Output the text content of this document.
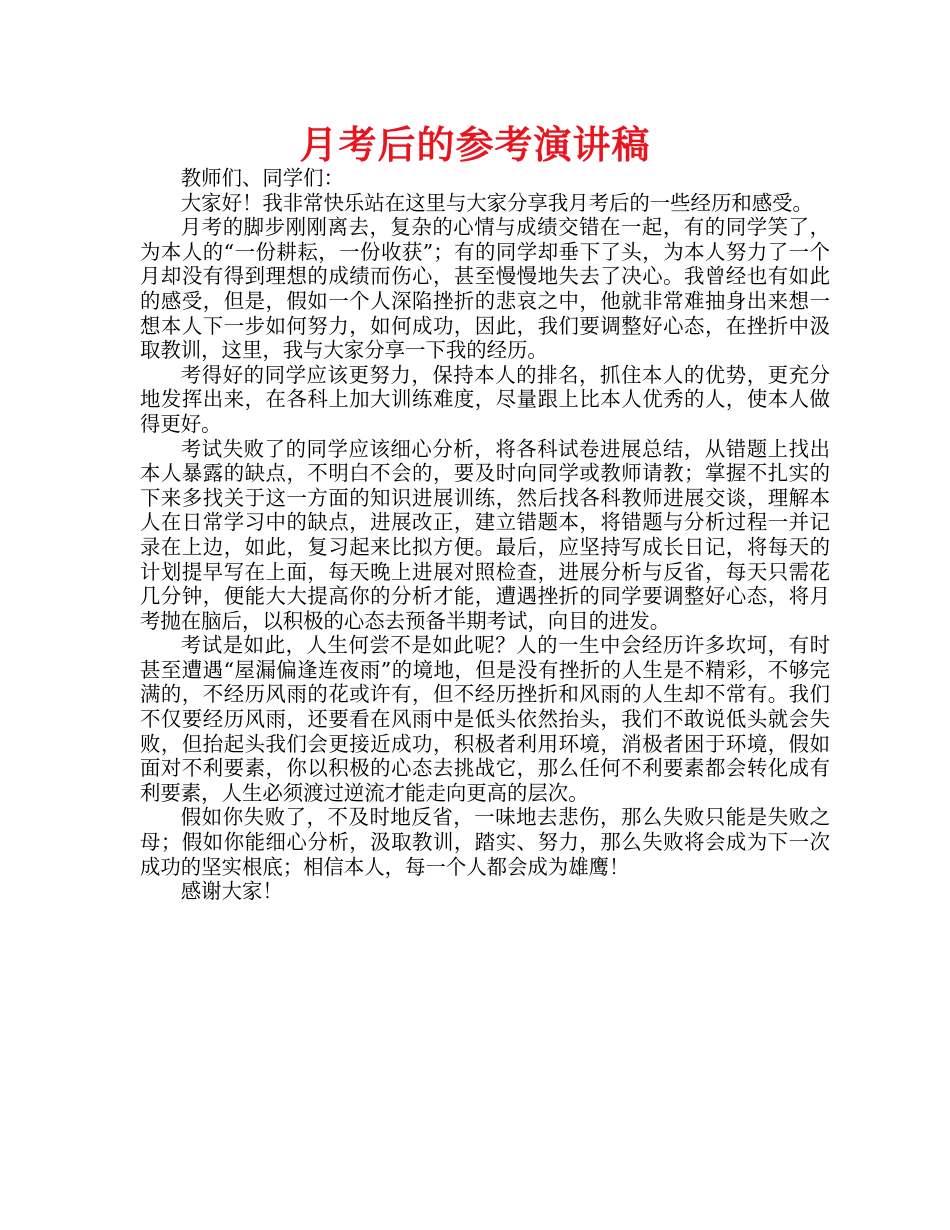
月考后的参考演讲稿

教师们、同学们：

大家好！我非常快乐站在这里与大家分享我月考后的一些经历和感受。

月考的脚步刚刚离去，复杂的心情与成绩交错在一起，有的同学笑了，为本人的“一份耕耘，一份收获”；有的同学却垂下了头，为本人努力了一个月却没有得到理想的成绩而伤心，甚至慢慢地失去了决心。我曾经也有如此的感受，但是，假如一个人深陷挫折的悲哀之中，他就非常难抽身出来想一想本人下一步如何努力，如何成功，因此，我们要调整好心态，在挫折中汲取教训，这里，我与大家分享一下我的经历。

考得好的同学应该更努力，保持本人的排名，抓住本人的优势，更充分地发挥出来，在各科上加大训练难度，尽量跟上比本人优秀的人，使本人做得更好。

考试失败了的同学应该细心分析，将各科试卷进展总结，从错题上找出本人暴露的缺点，不明白不会的，要及时向同学或教师请教；掌握不扎实的下来多找关于这一方面的知识进展训练，然后找各科教师进展交谈，理解本人在日常学习中的缺点，进展改正，建立错题本，将错题与分析过程一并记录在上边，如此，复习起来比拟方便。最后，应坚持写成长日记，将每天的计划提早写在上面，每天晚上进展对照检查，进展分析与反省，每天只需花几分钟，便能大大提高你的分析才能，遭遇挫折的同学要调整好心态，将月考抛在脑后，以积极的心态去预备半期考试，向目的进发。

考试是如此，人生何尝不是如此呢？人的一生中会经历许多坎坷，有时甚至遭遇“屋漏偏逢连夜雨”的境地，但是没有挫折的人生是不精彩，不够完满的，不经历风雨的花或许有，但不经历挫折和风雨的人生却不常有。我们不仅要经历风雨，还要看在风雨中是低头依然抬头，我们不敢说低头就会失败，但抬起头我们会更接近成功，积极者利用环境，消极者困于环境，假如面对不利要素，你以积极的心态去挑战它，那么任何不利要素都会转化成有利要素，人生必须渡过逆流才能走向更高的层次。

假如你失败了，不及时地反省，一味地去悲伤，那么失败只能是失败之母；假如你能细心分析，汲取教训，踏实、努力，那么失败将会成为下一次成功的坚实根底；相信本人，每一个人都会成为雄鹰！

感谢大家！
